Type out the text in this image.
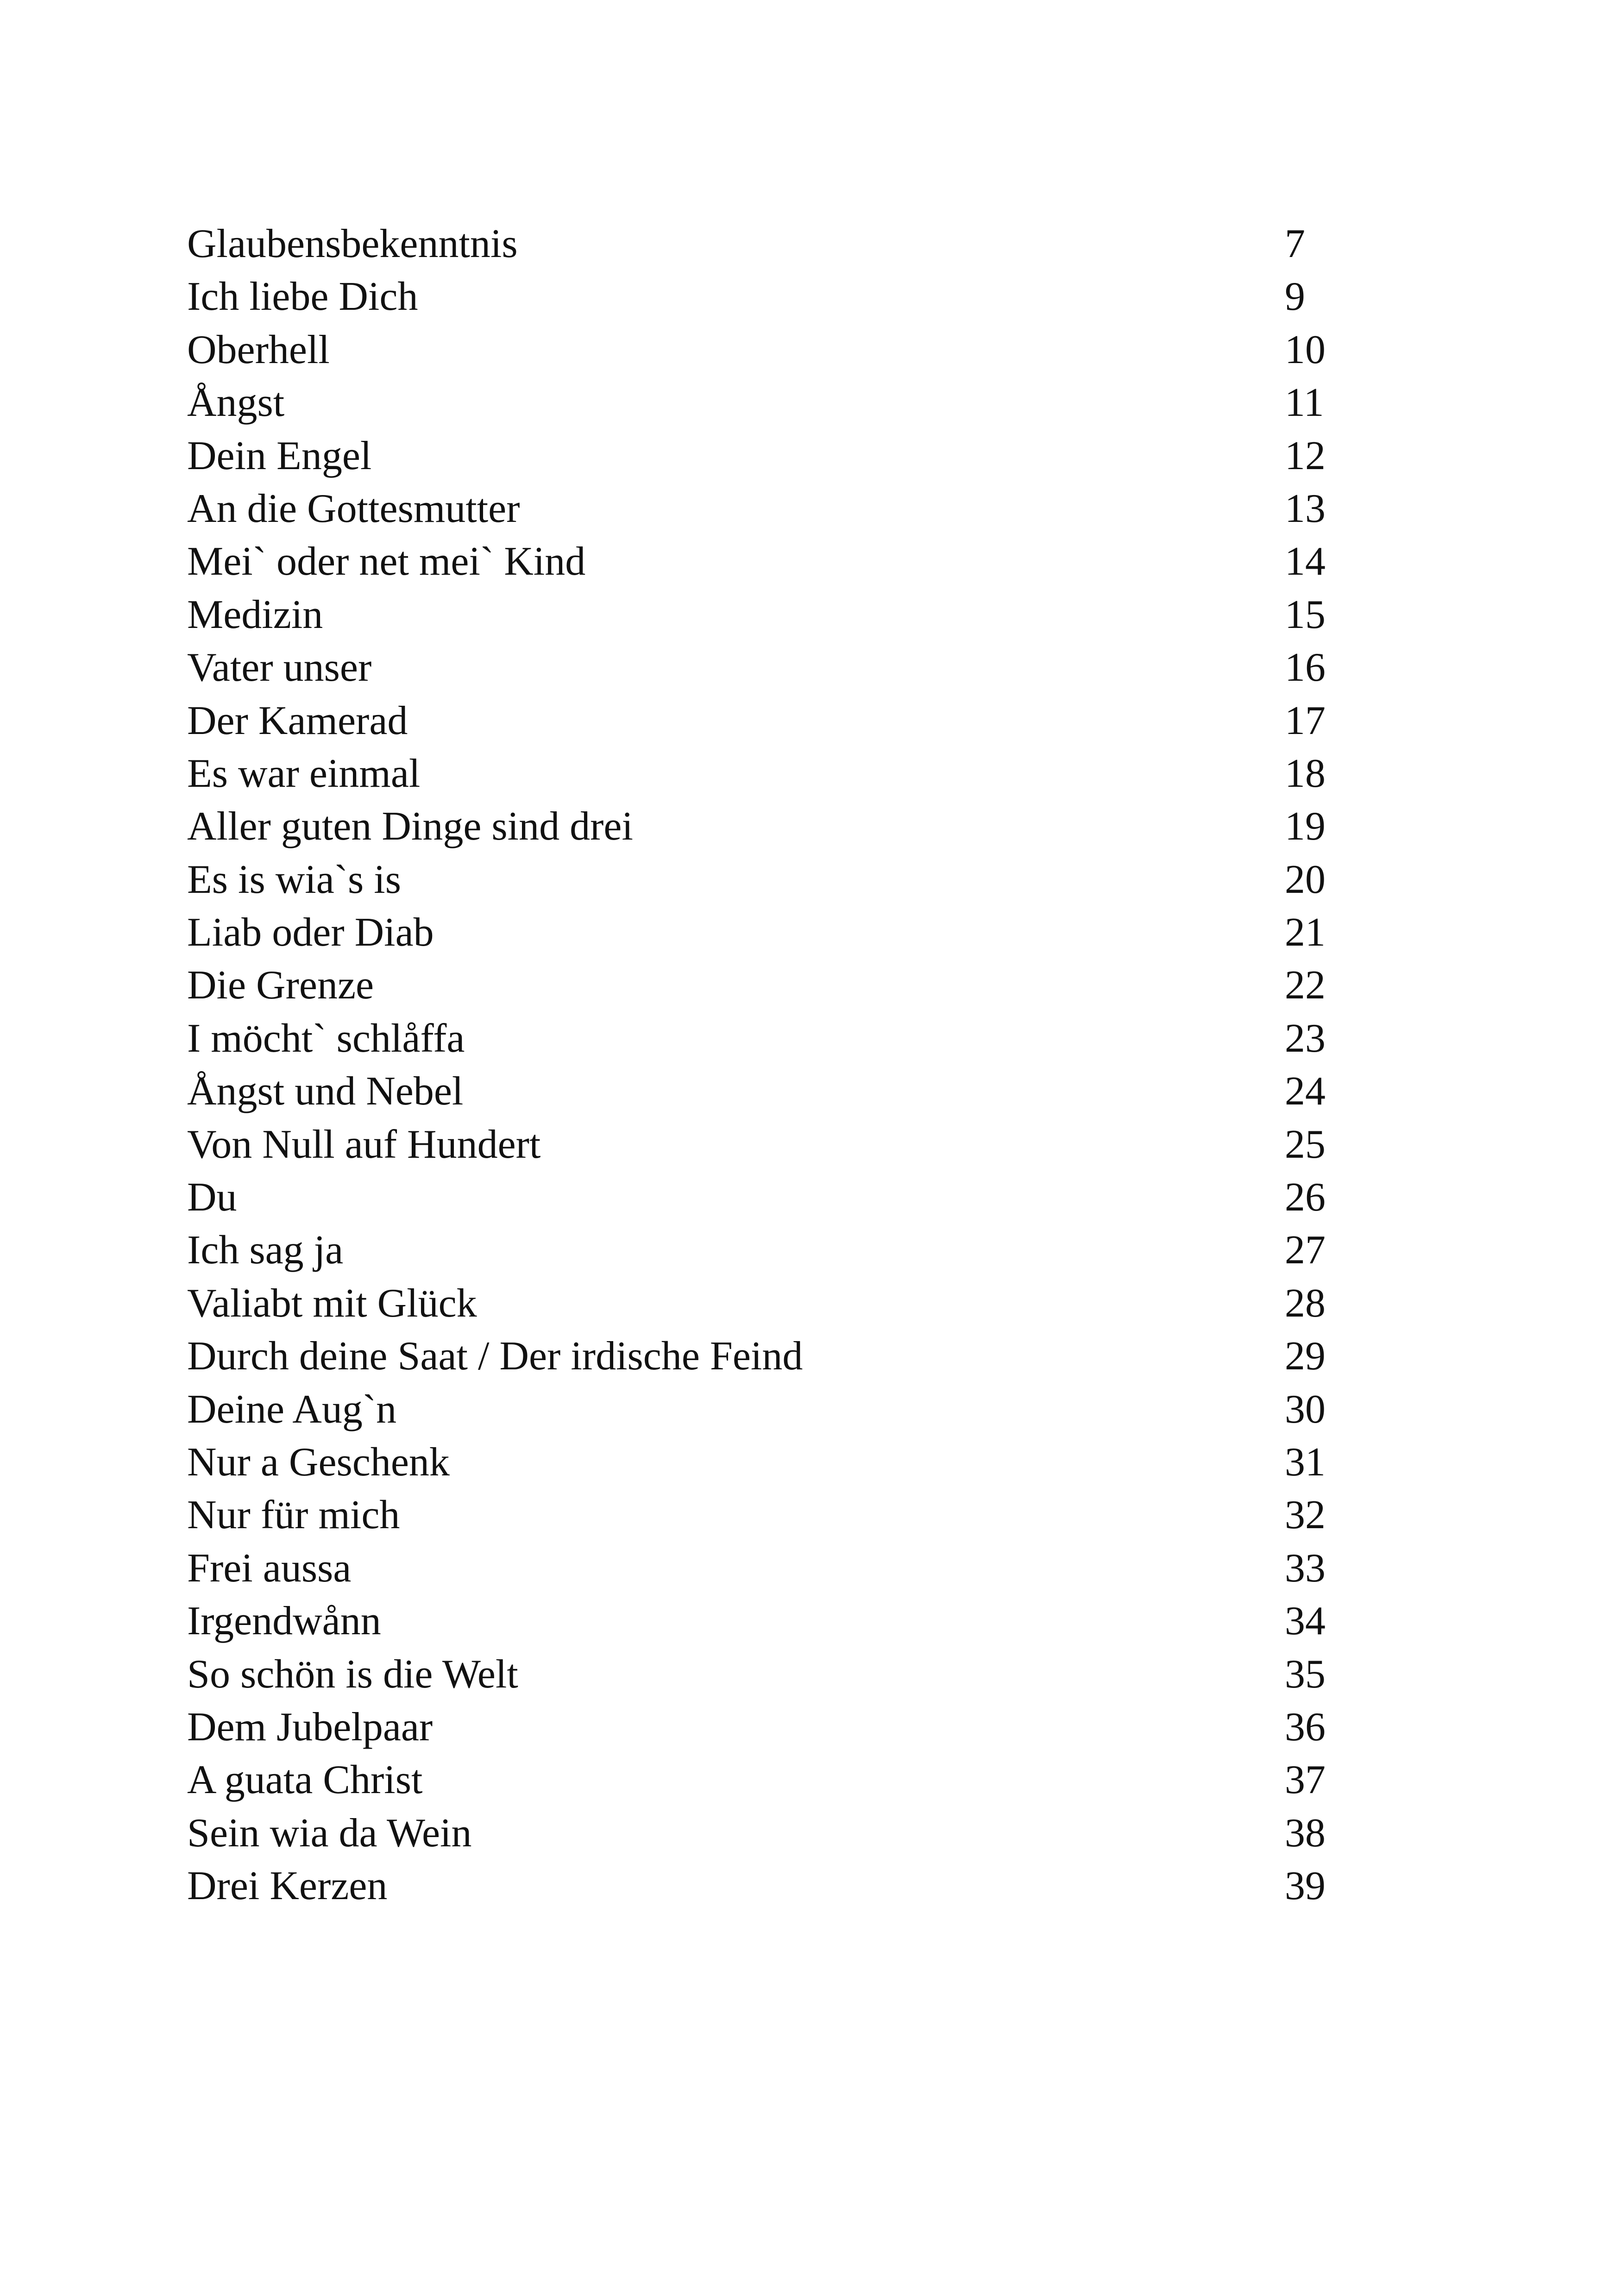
Glaubensbekenntnis	7
Ich liebe Dich	9
Oberhell	10
Ångst	11
Dein Engel	12
An die Gottesmutter	13
Mei` oder net mei` Kind	14
Medizin	15
Vater unser	16
Der Kamerad	17
Es war einmal	18
Aller guten Dinge sind drei	19
Es is wia`s is	20
Liab oder Diab	21
Die Grenze	22
I möcht` schlåffa	23
Ångst und Nebel	24
Von Null auf Hundert	25
Du	26
Ich sag ja	27
Valiabt mit Glück	28
Durch deine Saat / Der irdische Feind	29
Deine Aug`n	30
Nur a Geschenk	31
Nur für mich	32
Frei aussa	33
Irgendwånn	34
So schön is die Welt	35
Dem Jubelpaar	36
A guata Christ	37
Sein wia da Wein	38
Drei Kerzen	39
